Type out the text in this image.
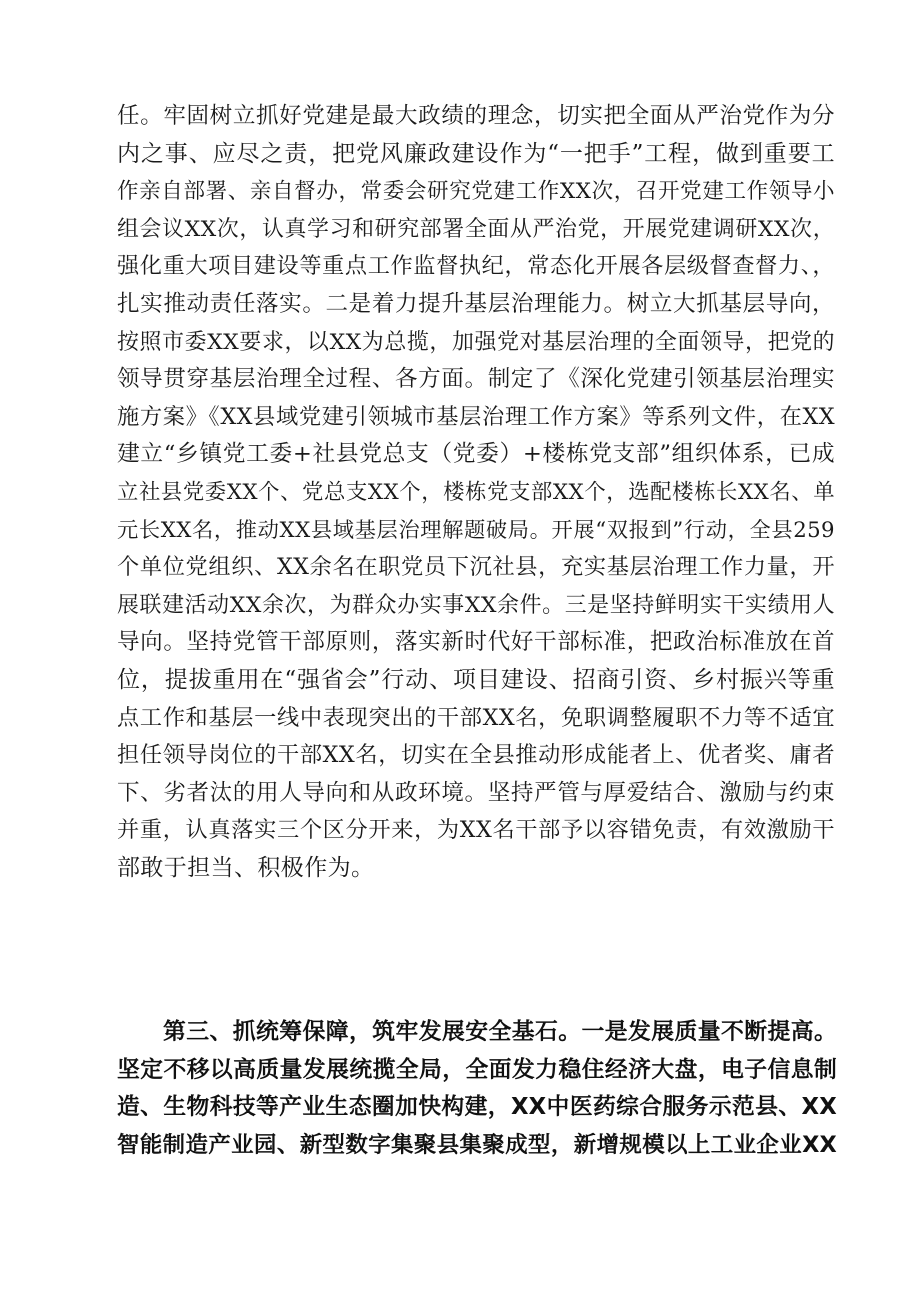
任。牢固树立抓好党建是最大政绩的理念，切实把全面从严治党作为分
内之事、应尽之责，把党风廉政建设作为“一把手”工程，做到重要工
作亲自部署、亲自督办，常委会研究党建工作XX次，召开党建工作领导小
组会议XX次，认真学习和研究部署全面从严治党，开展党建调研XX次，
强化重大项目建设等重点工作监督执纪，常态化开展各层级督查督力、，
扎实推动责任落实。二是着力提升基层治理能力。树立大抓基层导向，
按照市委XX要求，以XX为总揽，加强党对基层治理的全面领导，把党的
领导贯穿基层治理全过程、各方面。制定了《深化党建引领基层治理实
施方案》《XX县域党建引领城市基层治理工作方案》等系列文件，在XX
建立“乡镇党工委+社县党总支（党委）+楼栋党支部”组织体系，已成
立社县党委XX个、党总支XX个，楼栋党支部XX个，选配楼栋长XX名、单
元长XX名，推动XX县域基层治理解题破局。开展“双报到”行动，全县259
个单位党组织、XX余名在职党员下沉社县，充实基层治理工作力量，开
展联建活动XX余次，为群众办实事XX余件。三是坚持鲜明实干实绩用人
导向。坚持党管干部原则，落实新时代好干部标准，把政治标准放在首
位，提拔重用在“强省会”行动、项目建设、招商引资、乡村振兴等重
点工作和基层一线中表现突出的干部XX名，免职调整履职不力等不适宜
担任领导岗位的干部XX名，切实在全县推动形成能者上、优者奖、庸者
下、劣者汰的用人导向和从政环境。坚持严管与厚爱结合、激励与约束
并重，认真落实三个区分开来，为XX名干部予以容错免责，有效激励干
部敢于担当、积极作为。
第三、抓统筹保障，筑牢发展安全基石。一是发展质量不断提高。
坚定不移以高质量发展统揽全局，全面发力稳住经济大盘，电子信息制
造、生物科技等产业生态圈加快构建，XX中医药综合服务示范县、XX
智能制造产业园、新型数字集聚县集聚成型，新增规模以上工业企业XX
